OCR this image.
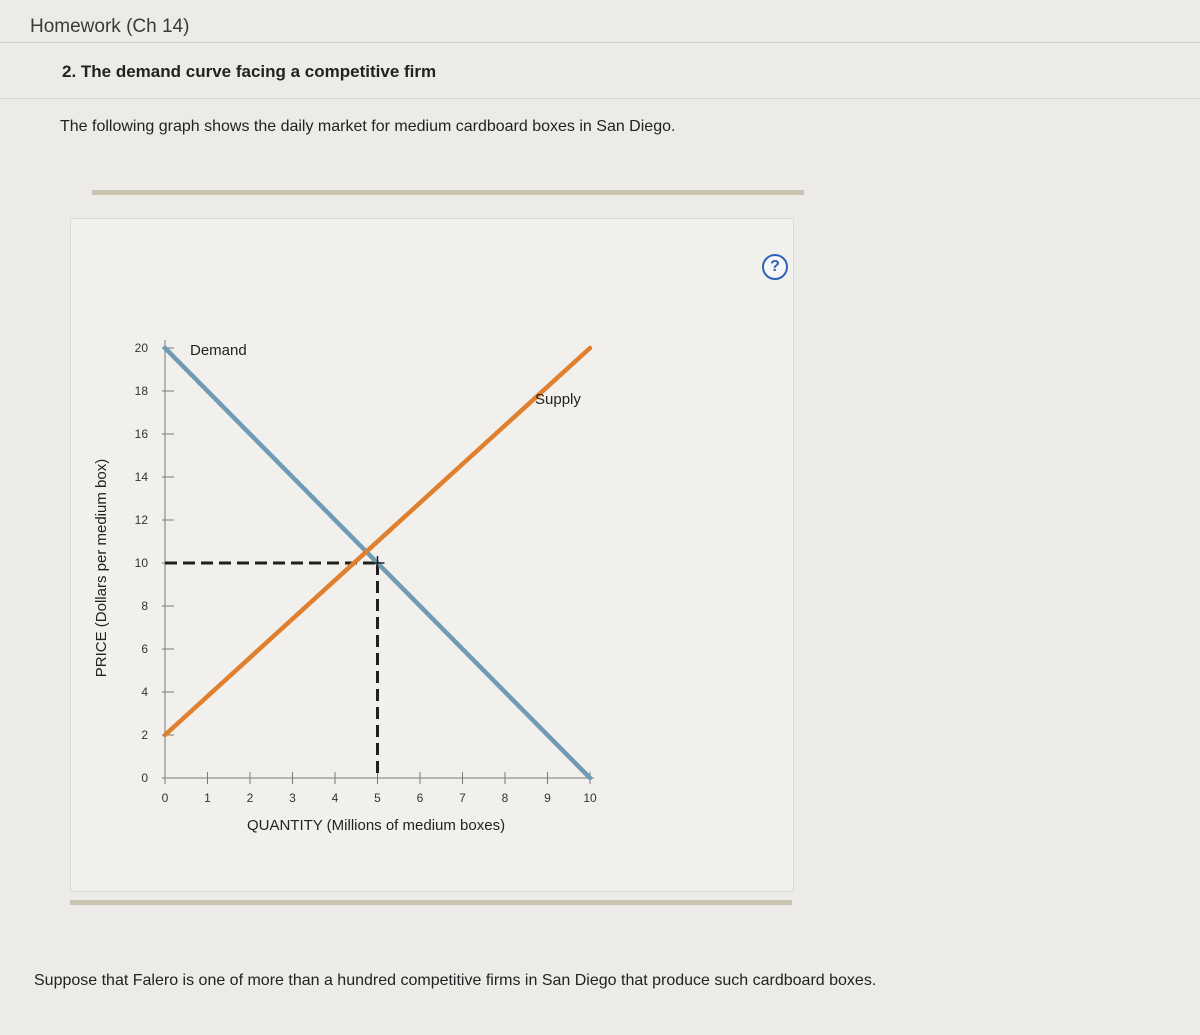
Homework (Ch 14)
2. The demand curve facing a competitive firm
The following graph shows the daily market for medium cardboard boxes in San Diego.
?
0
2
4
6
8
10
12
14
16
18
20
0	1	2	3	4	5	6	7	8	9	10
Demand
Supply
QUANTITY (Millions of medium boxes)
PRICE (Dollars per medium box)
Suppose that Falero is one of more than a hundred competitive firms in San Diego that produce such cardboard boxes.
